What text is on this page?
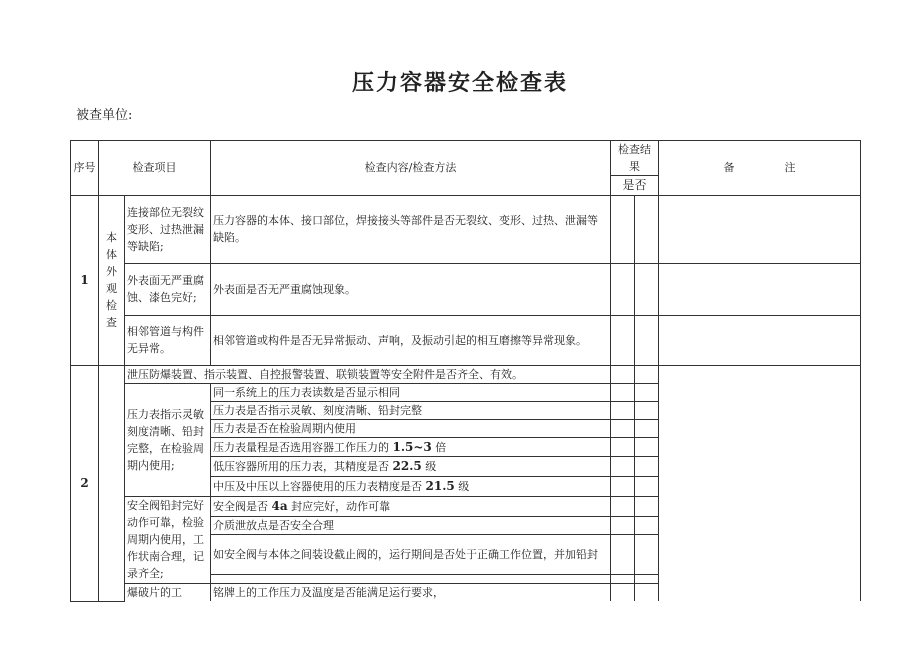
压力容器安全检查表
被查单位:
序号	检查项目		检查内容/检查方法	检查结果		备 注
				是否		
1	本体外观检查	连接部位无裂纹变形、过热泄漏等缺陷;	压力容器的本体、接口部位，焊接接头等部件是否无裂纹、变形、过热、泄漏等缺陷。			
		外表面无严重腐蚀、漆色完好;	外表面是否无严重腐蚀现象。			
		相邻管道与构件无异常。	相邻管道或构件是否无异常振动、声响，及振动引起的相互磨擦等异常现象。			
2		泄压防爆装置、指示装置、自控报警装置、联锁装置等安全附件是否齐全、有效。				
		压力表指示灵敏刻度清晰、铅封完整，在检验周期内使用;	同一系统上的压力表读数是否显示相同			
			压力表是否指示灵敏、刻度清晰、铅封完整			
			压力表是否在检验周期内使用			
			压力表量程是否选用容器工作压力的 1.5~3 倍			
			低压容器所用的压力表，其精度是否 22.5 级			
			中压及中压以上容器使用的压力表精度是否 21.5 级			
		安全阀铅封完好动作可靠，检验周期内使用，工作状南合理，记录齐全;	安全阀是否 4a 封应完好，动作可靠			
			介质泄放点是否安全合理			
			如安全阀与本体之间装设截止阀的，运行期间是否处于正确工作位置，并加铅封			

		爆破片的工	铭牌上的工作压力及温度是否能满足运行要求，			
